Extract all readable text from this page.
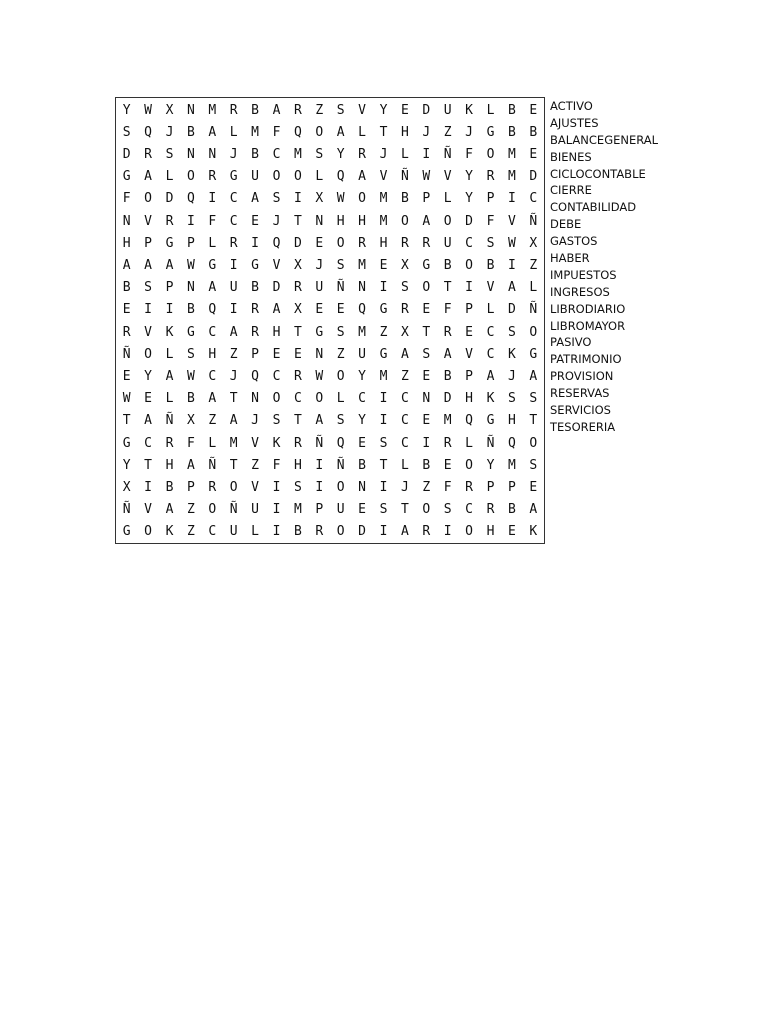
Y	W	X	N	M	R	B	A	R	Z	S	V	Y	E	D	U	K	L	B	E
S	Q	J	B	A	L	M	F	Q	O	A	L	T	H	J	Z	J	G	B	B
D	R	S	N	N	J	B	C	M	S	Y	R	J	L	I	Ñ	F	O	M	E
G	A	L	O	R	G	U	O	O	L	Q	A	V	Ñ	W	V	Y	R	M	D
F	O	D	Q	I	C	A	S	I	X	W	O	M	B	P	L	Y	P	I	C
N	V	R	I	F	C	E	J	T	N	H	H	M	O	A	O	D	F	V	Ñ
H	P	G	P	L	R	I	Q	D	E	O	R	H	R	R	U	C	S	W	X
A	A	A	W	G	I	G	V	X	J	S	M	E	X	G	B	O	B	I	Z
B	S	P	N	A	U	B	D	R	U	Ñ	N	I	S	O	T	I	V	A	L
E	I	I	B	Q	I	R	A	X	E	E	Q	G	R	E	F	P	L	D	Ñ
R	V	K	G	C	A	R	H	T	G	S	M	Z	X	T	R	E	C	S	O
Ñ	O	L	S	H	Z	P	E	E	N	Z	U	G	A	S	A	V	C	K	G
E	Y	A	W	C	J	Q	C	R	W	O	Y	M	Z	E	B	P	A	J	A
W	E	L	B	A	T	N	O	C	O	L	C	I	C	N	D	H	K	S	S
T	A	Ñ	X	Z	A	J	S	T	A	S	Y	I	C	E	M	Q	G	H	T
G	C	R	F	L	M	V	K	R	Ñ	Q	E	S	C	I	R	L	Ñ	Q	O
Y	T	H	A	Ñ	T	Z	F	H	I	Ñ	B	T	L	B	E	O	Y	M	S
X	I	B	P	R	O	V	I	S	I	O	N	I	J	Z	F	R	P	P	E
Ñ	V	A	Z	O	Ñ	U	I	M	P	U	E	S	T	O	S	C	R	B	A
G	O	K	Z	C	U	L	I	B	R	O	D	I	A	R	I	O	H	E	K
ACTIVO
AJUSTES
BALANCEGENERAL
BIENES
CICLOCONTABLE
CIERRE
CONTABILIDAD
DEBE
GASTOS
HABER
IMPUESTOS
INGRESOS
LIBRODIARIO
LIBROMAYOR
PASIVO
PATRIMONIO
PROVISION
RESERVAS
SERVICIOS
TESORERIA
